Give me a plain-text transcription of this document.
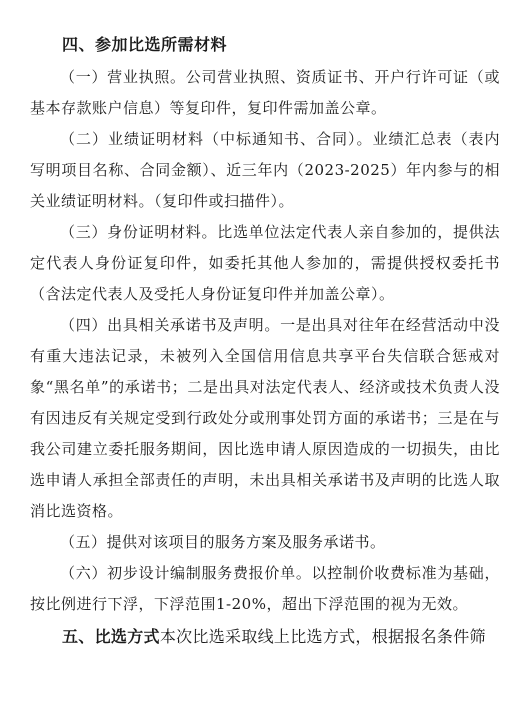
四、参加比选所需材料

（一）营业执照。公司营业执照、资质证书、开户行许可证（或基本存款账户信息）等复印件，复印件需加盖公章。

（二）业绩证明材料（中标通知书、合同）。业绩汇总表（表内写明项目名称、合同金额）、近三年内（2023-2025）年内参与的相关业绩证明材料。（复印件或扫描件）。

（三）身份证明材料。比选单位法定代表人亲自参加的，提供法定代表人身份证复印件，如委托其他人参加的，需提供授权委托书（含法定代表人及受托人身份证复印件并加盖公章）。

（四）出具相关承诺书及声明。一是出具对往年在经营活动中没有重大违法记录，未被列入全国信用信息共享平台失信联合惩戒对象“黑名单”的承诺书；二是出具对法定代表人、经济或技术负责人没有因违反有关规定受到行政处分或刑事处罚方面的承诺书；三是在与我公司建立委托服务期间，因比选申请人原因造成的一切损失，由比选申请人承担全部责任的声明，未出具相关承诺书及声明的比选人取消比选资格。

（五）提供对该项目的服务方案及服务承诺书。

（六）初步设计编制服务费报价单。以控制价收费标准为基础，按比例进行下浮，下浮范围1-20%，超出下浮范围的视为无效。

五、比选方式本次比选采取线上比选方式，根据报名条件筛
